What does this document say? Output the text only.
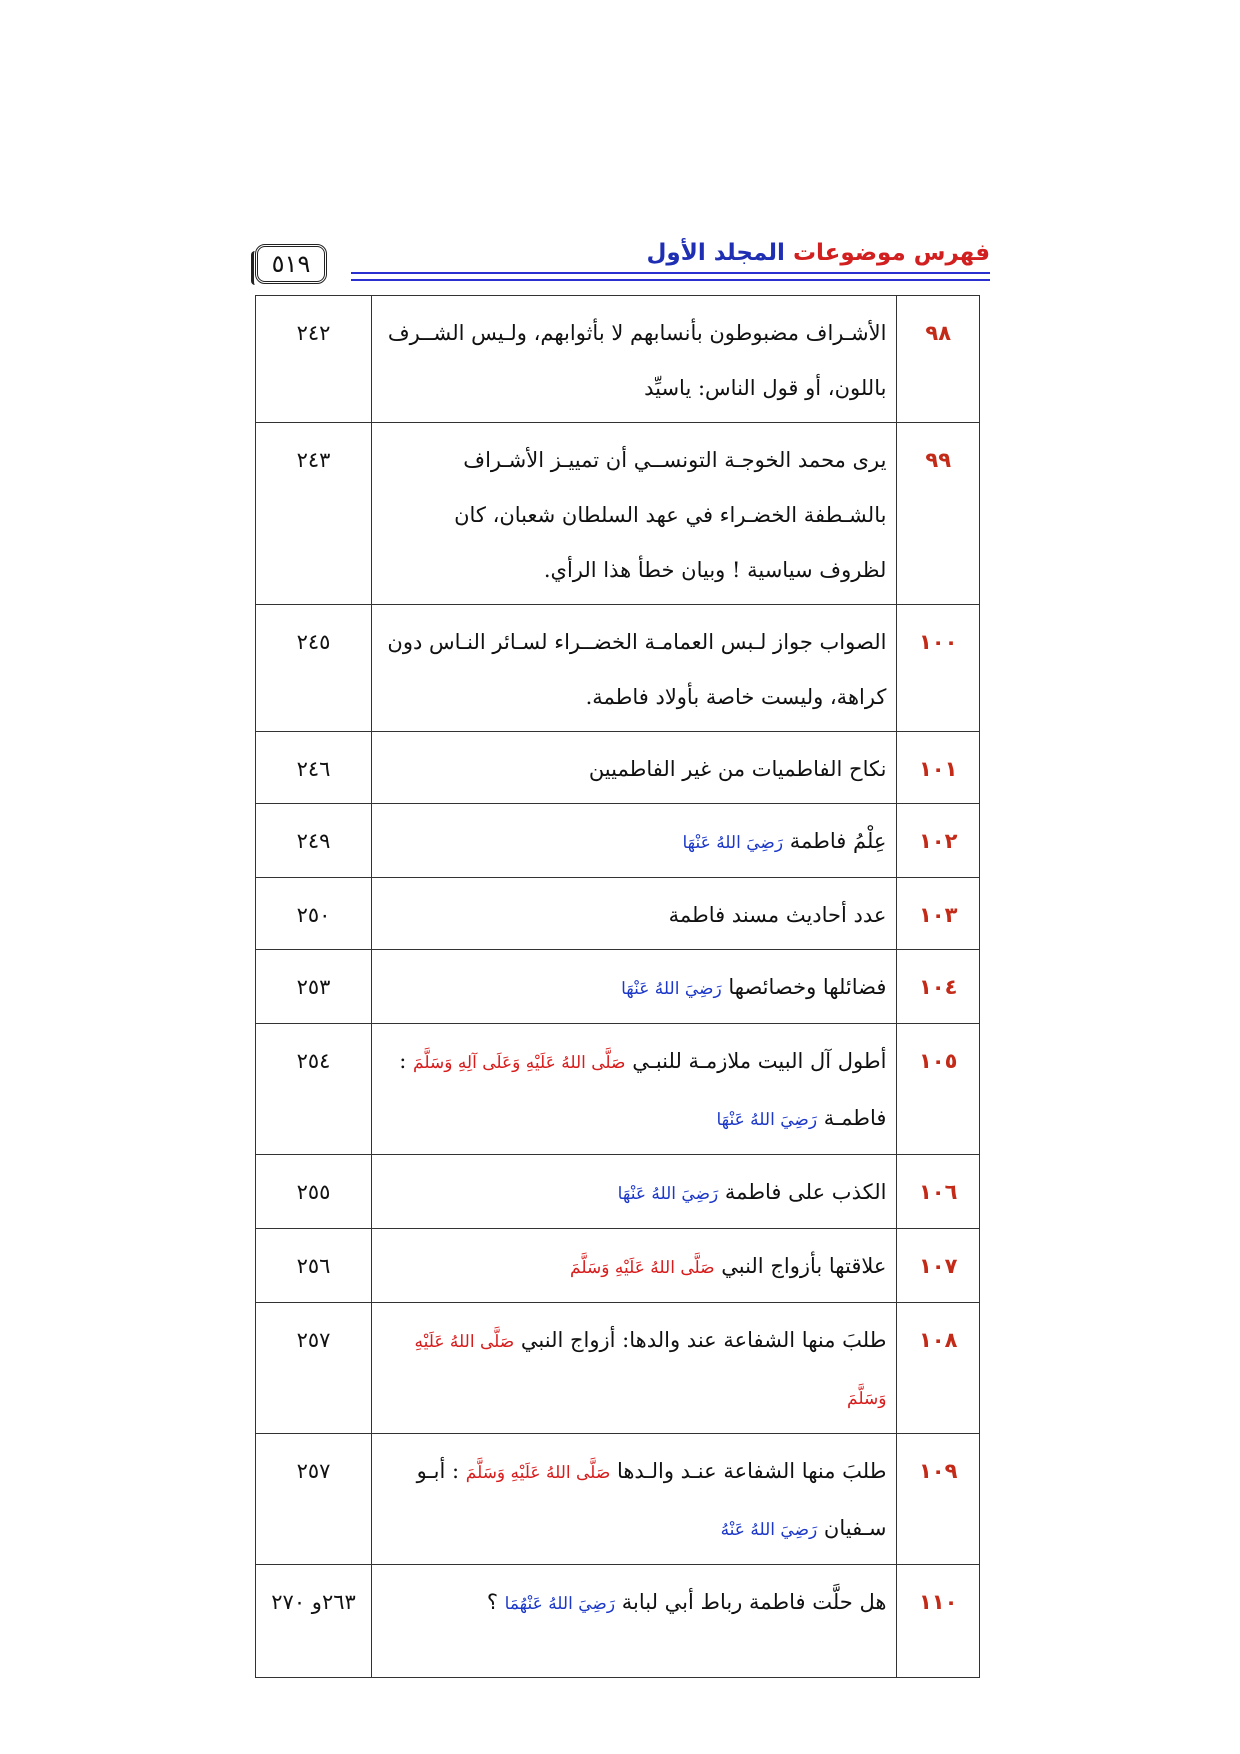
٥١٩	فهرس موضوعات المجلد الأول
٩٨	الأشـراف مضبوطون بأنسابهم لا بأثوابهم، ولـيس الشــرف باللون، أو قول الناس: ياسيِّد	٢٤٢
٩٩	يرى محمد الخوجـة التونســي أن تمييـز الأشـراف بالشـطفة الخضـراء في عهد السلطان شعبان، كان لظروف سياسية ! وبيان خطأ هذا الرأي.	٢٤٣
١٠٠	الصواب جواز لـبس العمامـة الخضــراء لسـائر النـاس دون كراهة، وليست خاصة بأولاد فاطمة.	٢٤٥
١٠١	نكاح الفاطميات من غير الفاطميين	٢٤٦
١٠٢	عِلْمُ فاطمة رَضِيَ اللهُ عَنْهَا	٢٤٩
١٠٣	عدد أحاديث مسند فاطمة	٢٥٠
١٠٤	فضائلها وخصائصها رَضِيَ اللهُ عَنْهَا	٢٥٣
١٠٥	أطول آل البيت ملازمـة للنبـي صَلَّى اللهُ عَلَيْهِ وَعَلَى آلِهِ وَسَلَّمَ : فاطمـة رَضِيَ اللهُ عَنْهَا	٢٥٤
١٠٦	الكذب على فاطمة رَضِيَ اللهُ عَنْهَا	٢٥٥
١٠٧	علاقتها بأزواج النبي صَلَّى اللهُ عَلَيْهِ وَسَلَّمَ	٢٥٦
١٠٨	طلبَ منها الشفاعة عند والدها: أزواج النبي صَلَّى اللهُ عَلَيْهِ وَسَلَّمَ	٢٥٧
١٠٩	طلبَ منها الشفاعة عنـد والـدها صَلَّى اللهُ عَلَيْهِ وَسَلَّمَ : أبـو سـفيان رَضِيَ اللهُ عَنْهُ	٢٥٧
١١٠	هل حلَّت فاطمة رباط أبي لبابة رَضِيَ اللهُ عَنْهُمَا ؟	٢٦٣و ٢٧٠
